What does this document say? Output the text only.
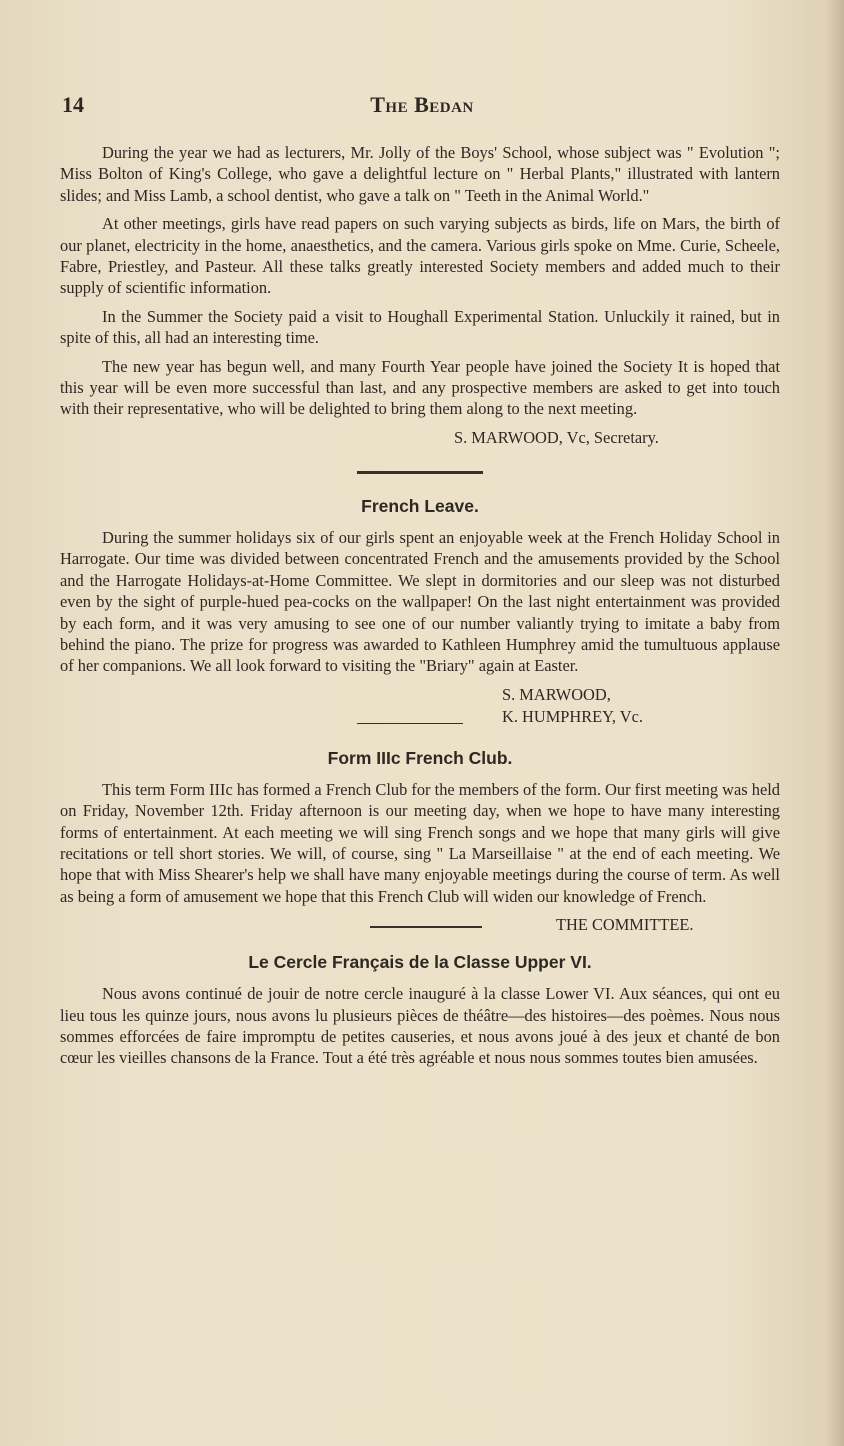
14	The Bedan

During the year we had as lecturers, Mr. Jolly of the Boys' School, whose subject was " Evolution "; Miss Bolton of King's College, who gave a delightful lecture on " Herbal Plants," illustrated with lantern slides; and Miss Lamb, a school dentist, who gave a talk on " Teeth in the Animal World."

At other meetings, girls have read papers on such varying subjects as birds, life on Mars, the birth of our planet, electricity in the home, anaesthetics, and the camera. Various girls spoke on Mme. Curie, Scheele, Fabre, Priestley, and Pasteur. All these talks greatly interested Society members and added much to their supply of scientific information.

In the Summer the Society paid a visit to Houghall Experimental Station. Unluckily it rained, but in spite of this, all had an interesting time.

The new year has begun well, and many Fourth Year people have joined the Society It is hoped that this year will be even more successful than last, and any prospective members are asked to get into touch with their representative, who will be delighted to bring them along to the next meeting.

S. MARWOOD, Vc, Secretary.
French Leave.

During the summer holidays six of our girls spent an enjoyable week at the French Holiday School in Harrogate. Our time was divided between concentrated French and the amusements provided by the School and the Harrogate Holidays-at-Home Committee. We slept in dormitories and our sleep was not disturbed even by the sight of purple-hued pea-cocks on the wallpaper! On the last night entertainment was provided by each form, and it was very amusing to see one of our number valiantly trying to imitate a baby from behind the piano. The prize for progress was awarded to Kathleen Humphrey amid the tumultuous applause of her companions. We all look forward to visiting the "Briary" again at Easter.

S. MARWOOD,
K. HUMPHREY, Vc.
Form IIIc French Club.

This term Form IIIc has formed a French Club for the members of the form. Our first meeting was held on Friday, November 12th. Friday afternoon is our meeting day, when we hope to have many interesting forms of entertainment. At each meeting we will sing French songs and we hope that many girls will give recitations or tell short stories. We will, of course, sing " La Marseillaise " at the end of each meeting. We hope that with Miss Shearer's help we shall have many enjoyable meetings during the course of term. As well as being a form of amusement we hope that this French Club will widen our knowledge of French.

THE COMMITTEE.
Le Cercle Français de la Classe Upper VI.

Nous avons continué de jouir de notre cercle inauguré à la classe Lower VI. Aux séances, qui ont eu lieu tous les quinze jours, nous avons lu plusieurs pièces de théâtre—des histoires—des poèmes. Nous nous sommes efforcées de faire impromptu de petites causeries, et nous avons joué à des jeux et chanté de bon cœur les vieilles chansons de la France. Tout a été très agréable et nous nous sommes toutes bien amusées.
